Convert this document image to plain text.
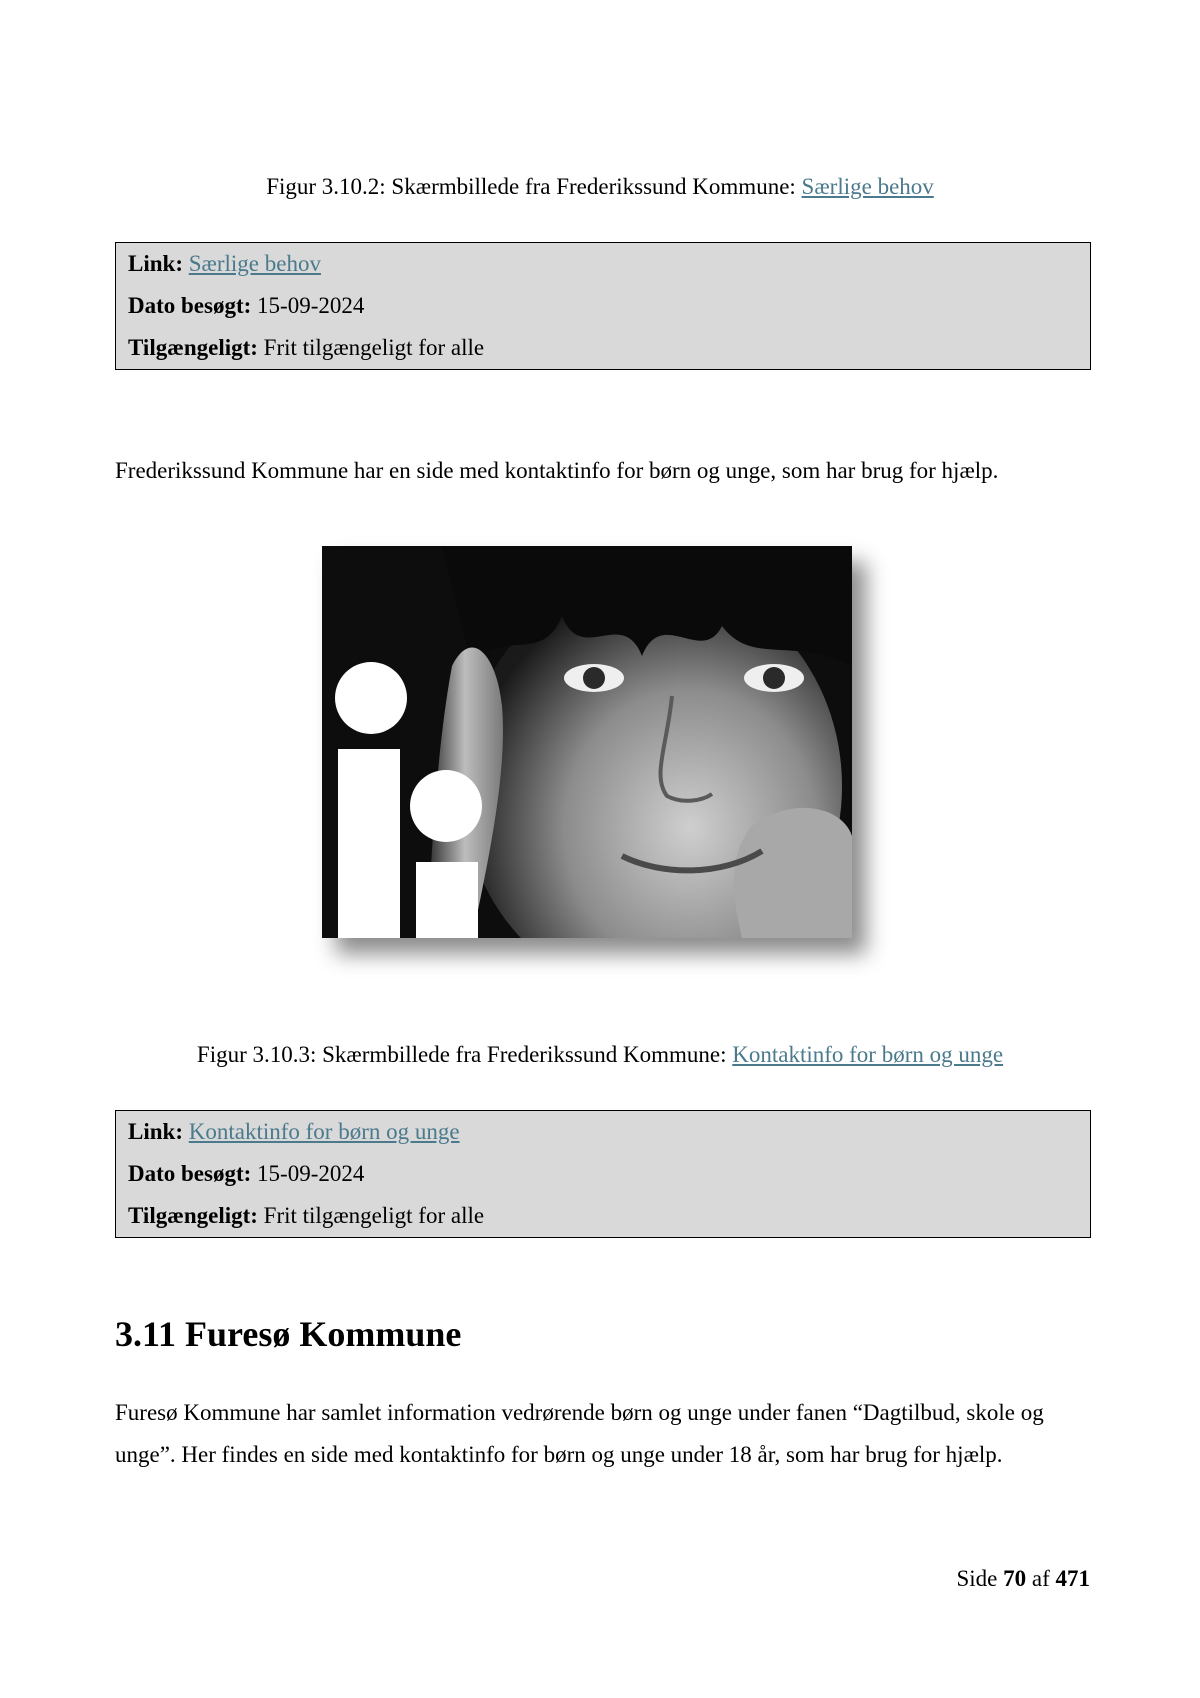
Figur 3.10.2: Skærmbillede fra Frederikssund Kommune: Særlige behov
Link: Særlige behov
Dato besøgt: 15-09-2024
Tilgængeligt: Frit tilgængeligt for alle
Frederikssund Kommune har en side med kontaktinfo for børn og unge, som har brug for hjælp.
Figur 3.10.3: Skærmbillede fra Frederikssund Kommune: Kontaktinfo for børn og unge
Link: Kontaktinfo for børn og unge
Dato besøgt: 15-09-2024
Tilgængeligt: Frit tilgængeligt for alle
3.11 Furesø Kommune
Furesø Kommune har samlet information vedrørende børn og unge under fanen “Dagtilbud, skole og unge”. Her findes en side med kontaktinfo for børn og unge under 18 år, som har brug for hjælp.
Side 70 af 471
